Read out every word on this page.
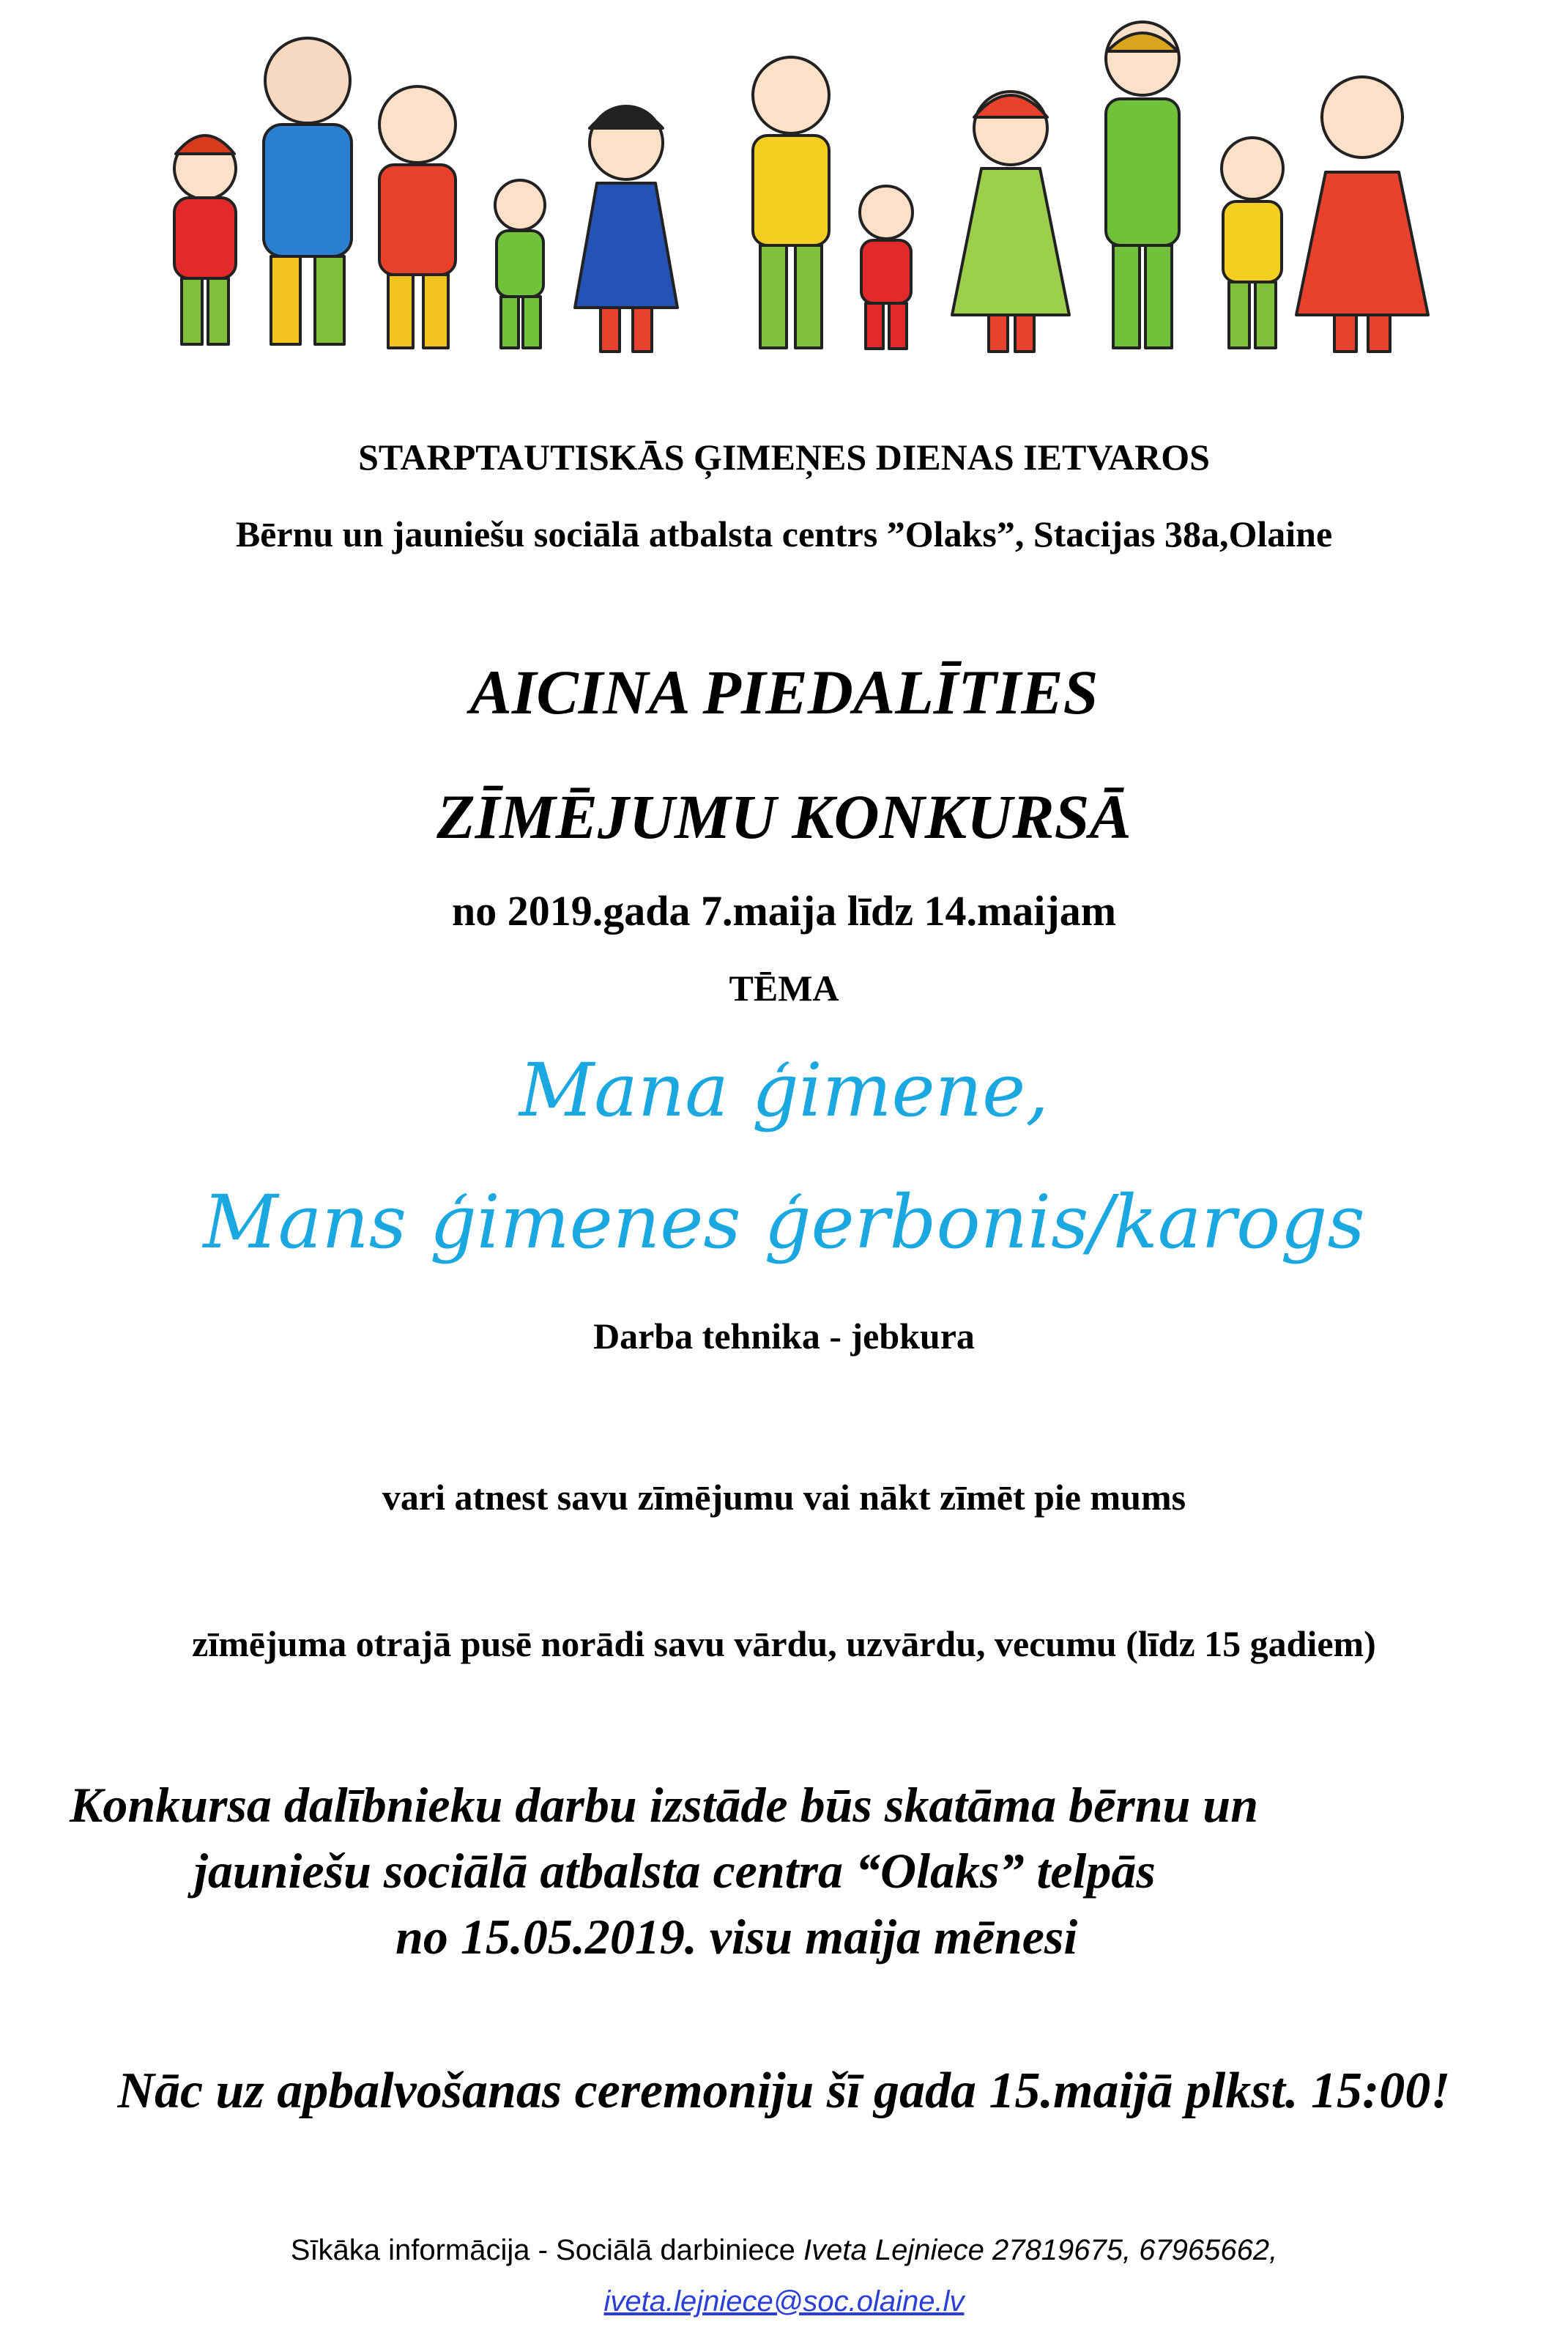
STARPTAUTISKĀS ĢIMEŅES DIENAS IETVAROS
Bērnu un jauniešu sociālā atbalsta centrs ”Olaks”, Stacijas 38a,Olaine
AICINA PIEDALĪTIES
ZĪMĒJUMU KONKURSĀ
no 2019.gada 7.maija līdz 14.maijam
TĒMA
Mana ģimene,
Mans ģimenes ģerbonis/karogs
Darba tehnika - jebkura
vari atnest savu zīmējumu vai nākt zīmēt pie mums
zīmējuma otrajā pusē norādi savu vārdu, uzvārdu, vecumu (līdz 15 gadiem)
Konkursa dalībnieku darbu izstāde būs skatāma bērnu un
jauniešu sociālā atbalsta centra “Olaks” telpās
no 15.05.2019. visu maija mēnesi
Nāc uz apbalvošanas ceremoniju šī gada 15.maijā plkst. 15:00!
Sīkāka informācija - Sociālā darbiniece Iveta Lejniece 27819675, 67965662,
iveta.lejniece@soc.olaine.lv
